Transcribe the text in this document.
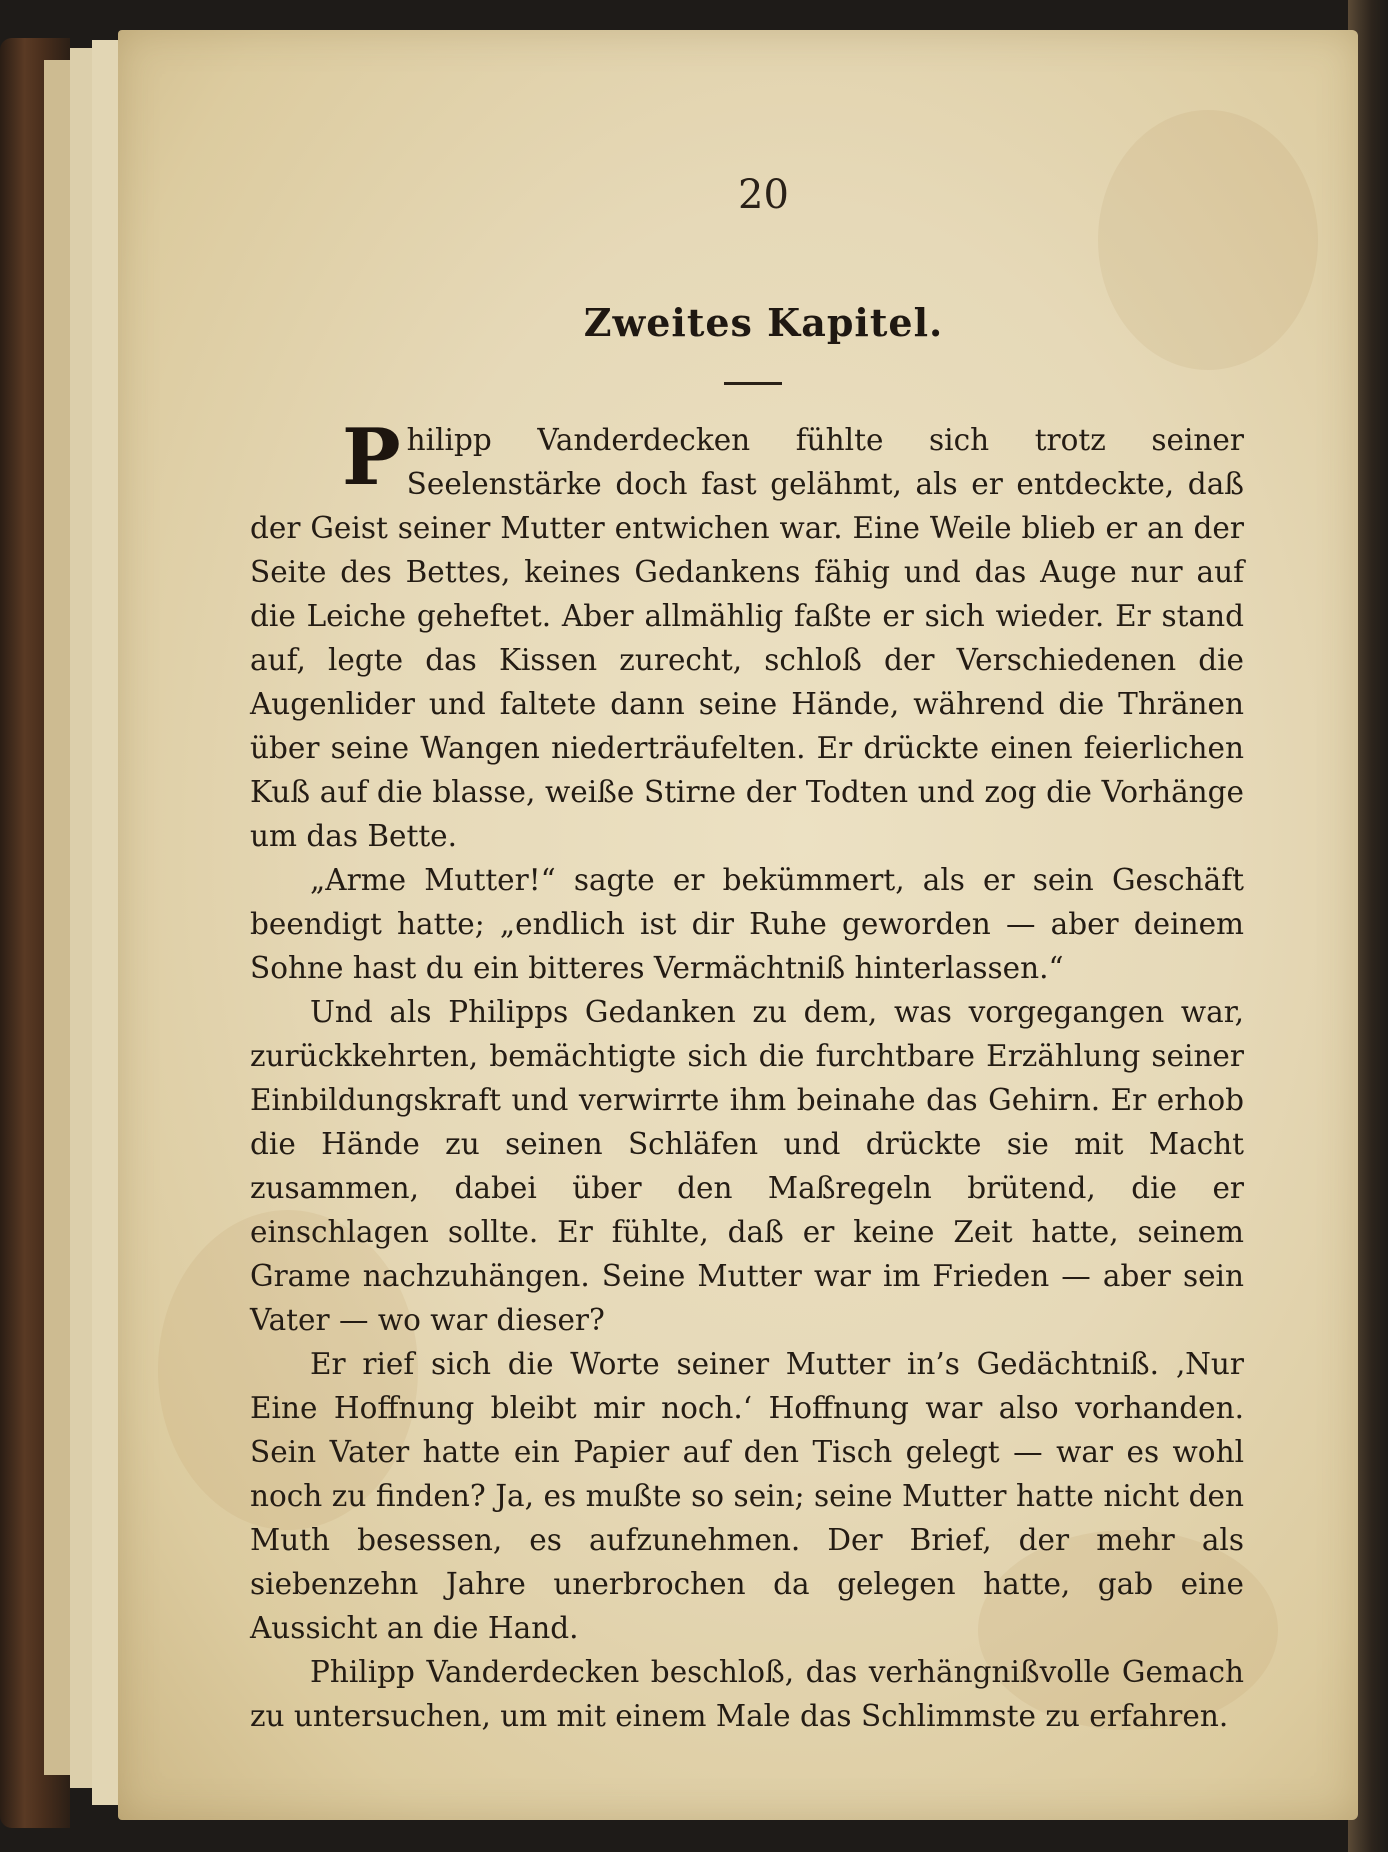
20
Zweites Kapitel.

Philipp Vanderdecken fühlte sich trotz seiner Seelenstärke doch fast gelähmt, als er entdeckte, daß der Geist seiner Mutter entwichen war. Eine Weile blieb er an der Seite des Bettes, keines Gedankens fähig und das Auge nur auf die Leiche geheftet. Aber allmählig faßte er sich wieder. Er stand auf, legte das Kissen zurecht, schloß der Verschiedenen die Augenlider und faltete dann seine Hände, während die Thränen über seine Wangen niederträufelten. Er drückte einen feierlichen Kuß auf die blasse, weiße Stirne der Todten und zog die Vorhänge um das Bette.

„Arme Mutter!“ sagte er bekümmert, als er sein Geschäft beendigt hatte; „endlich ist dir Ruhe geworden — aber deinem Sohne hast du ein bitteres Vermächtniß hinterlassen.“

Und als Philipps Gedanken zu dem, was vorgegangen war, zurückkehrten, bemächtigte sich die furchtbare Erzählung seiner Einbildungskraft und verwirrte ihm beinahe das Gehirn. Er erhob die Hände zu seinen Schläfen und drückte sie mit Macht zusammen, dabei über den Maßregeln brütend, die er einschlagen sollte. Er fühlte, daß er keine Zeit hatte, seinem Grame nachzuhängen. Seine Mutter war im Frieden — aber sein Vater — wo war dieser?

Er rief sich die Worte seiner Mutter in’s Gedächtniß. ‚Nur Eine Hoffnung bleibt mir noch.‘ Hoffnung war also vorhanden. Sein Vater hatte ein Papier auf den Tisch gelegt — war es wohl noch zu finden? Ja, es mußte so sein; seine Mutter hatte nicht den Muth besessen, es aufzunehmen. Der Brief, der mehr als siebenzehn Jahre unerbrochen da gelegen hatte, gab eine Aussicht an die Hand.

Philipp Vanderdecken beschloß, das verhängnißvolle Gemach zu untersuchen, um mit einem Male das Schlimmste zu erfahren.
